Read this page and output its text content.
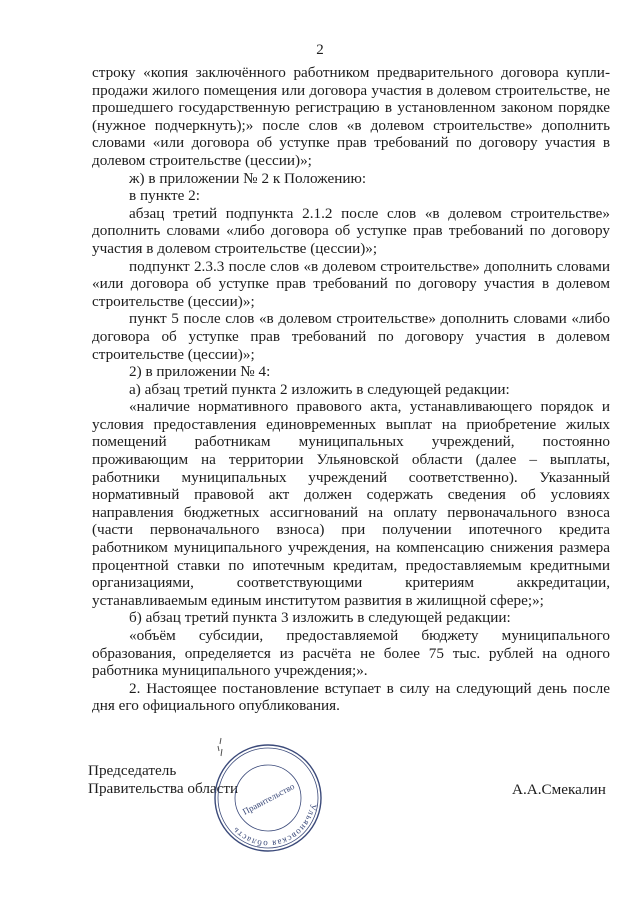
2

строку «копия заключённого работником предварительного договора купли-продажи жилого помещения или договора участия в долевом строительстве, не прошедшего государственную регистрацию в установленном законом порядке (нужное подчеркнуть);» после слов «в долевом строительстве» дополнить словами «или договора об уступке прав требований по договору участия в долевом строительстве (цессии)»;

ж) в приложении № 2 к Положению:

в пункте 2:

абзац третий подпункта 2.1.2 после слов «в долевом строительстве» дополнить словами «либо договора об уступке прав требований по договору участия в долевом строительстве (цессии)»;

подпункт 2.3.3 после слов «в долевом строительстве» дополнить словами «или договора об уступке прав требований по договору участия в долевом строительстве (цессии)»;

пункт 5 после слов «в долевом строительстве» дополнить словами «либо договора об уступке прав требований по договору участия в долевом строительстве (цессии)»;

2) в приложении № 4:

а) абзац третий пункта 2 изложить в следующей редакции:

«наличие нормативного правового акта, устанавливающего порядок и условия предоставления единовременных выплат на приобретение жилых помещений работникам муниципальных учреждений, постоянно проживающим на территории Ульяновской области (далее – выплаты, работники муниципальных учреждений соответственно). Указанный нормативный правовой акт должен содержать сведения об условиях направления бюджетных ассигнований на оплату первоначального взноса (части первоначального взноса) при получении ипотечного кредита работником муниципального учреждения, на компенсацию снижения размера процентной ставки по ипотечным кредитам, предоставляемым кредитными организациями, соответствующими критериям аккредитации, устанавливаемым единым институтом развития в жилищной сфере;»;

б) абзац третий пункта 3 изложить в следующей редакции:

«объём субсидии, предоставляемой бюджету муниципального образования, определяется из расчёта не более 75 тыс. рублей на одного работника муниципального учреждения;».

2. Настоящее постановление вступает в силу на следующий день после дня его официального опубликования.

Председатель
Правительства области
Ульяновская область
Правительство	А.А.Смекалин
